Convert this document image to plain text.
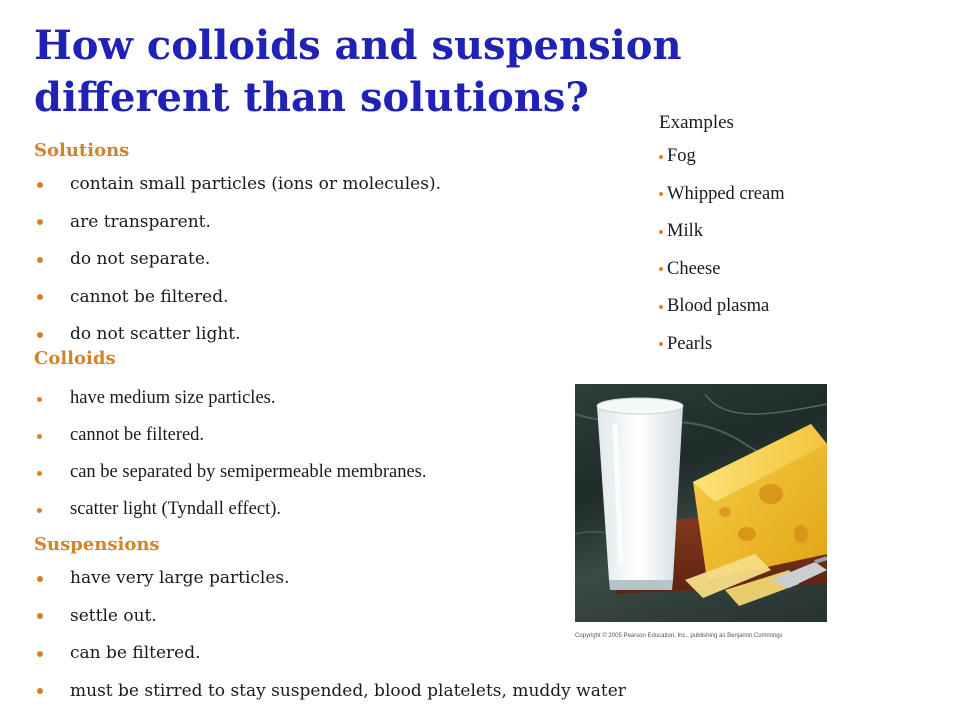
How colloids and suspension different than solutions?
Solutions
contain small particles (ions or molecules).
are transparent.
do not separate.
cannot be filtered.
do not scatter light.
Colloids
have medium size particles.
cannot be filtered.
can be separated by semipermeable membranes.
scatter light (Tyndall effect).
Suspensions
have very large particles.
settle out.
can be filtered.
must be stirred to stay suspended, blood platelets, muddy water

Examples

Fog
Whipped cream
Milk
Cheese
Blood plasma
Pearls
Copyright © 2005 Pearson Education, Inc., publishing as Benjamin Cummings
